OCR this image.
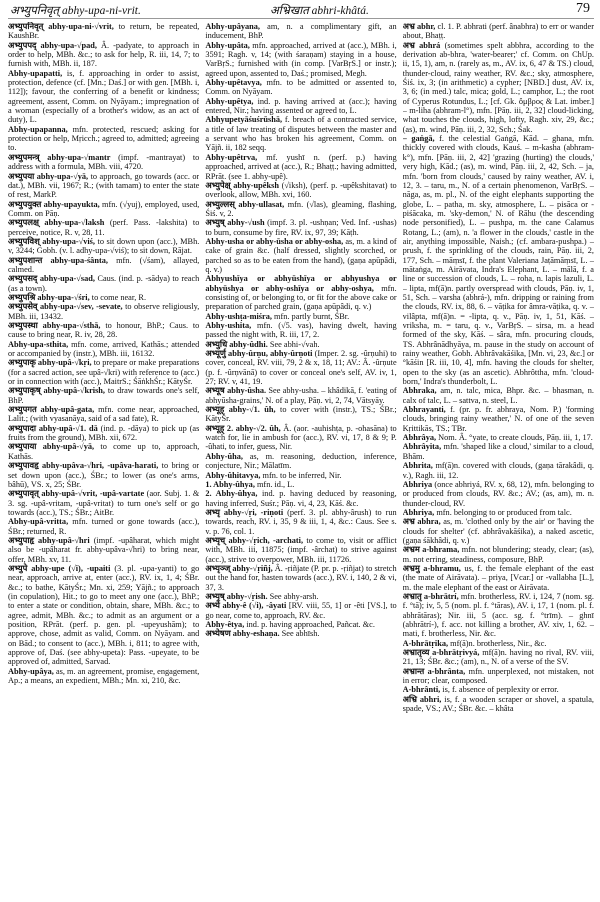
अभ्युपनिवृत् abhy-upa-ni-vrit.	अभ्रिखात abhri-khâtá.	79
अभ्युपनिवृत् abhy-upa-ni-√vrit, to return, be repeated, KaushBr.
अभ्युपपद् abhy-upa-√pad, Â. -padyate, to approach in order to help, MBh. &c.; to ask for help, R. iii, 14, 7; to furnish with, MBh. ii, 187.
Abhy-upapatti, is, f. approaching in order to assist, protection, defence (cf. [Mn.; Daś.] or with gen. [MBh. i, 112]); favour, the conferring of a benefit or kindness; agreement, assent, Comm. on Nyāyam.; impregnation of a woman (especially of a brother's widow, as an act of duty), L.
Abhy-upapanna, mfn. protected, rescued; asking for protection or help, Mṛicch.; agreed to, admitted; agreeing to.
अभ्युपमन्त्र् abhy-upa-√mantr (impf. -mantrayat) to address with a formula, MBh. viii, 4720.
अभ्युपया abhy-upa-√yā, to approach, go towards (acc. or dat.), MBh. vii, 1967; R.; (with tamam) to enter the state of rest, MarkP.
अभ्युपयुक्त abhy-upayukta, mfn. (√yuj), employed, used, Comm. on Pāṇ.
अभ्युपलक्ष् abhy-upa-√laksh (perf. Pass. -lakshita) to perceive, notice, R. v, 28, 11.
अभ्युपविश् abhy-upa-√viś, to sit down upon (acc.), MBh. v, 3244; Gobh. (v. l. adhy-upa-√viś); to sit down, Rājat.
अभ्युपशान्त abhy-upa-śânta, mfn. (√śam), allayed, calmed.
अभ्युपसद् abhy-upa-√sad, Caus. (ind. p. -sādya) to reach (as a town).
अभ्युपश्रि abhy-upa-√śri, to come near, R.
अभ्युपसेव् abhy-upa-√sev, -sevate, to observe religiously, MBh. iii, 13432.
अभ्युपस्था abhy-upa-√sthā, to honour, BhP.; Caus. to cause to bring near, R. iv, 28, 28.
Abhy-upa-sthita, mfn. come, arrived, Kathās.; attended or accompanied by (instr.), MBh. iii, 16132.
अभ्युपाकृ abhy-upâ-√kṛi, to prepare or make preparations (for a sacred action, see upâ-√kri) with reference to (acc.) or in connection with (acc.), MaitrS.; ŚāṅkhŚr.; KātyŚr.
अभ्युपाकृष् abhy-upâ-√krish, to draw towards one's self, BhP.
अभ्युपगत abhy-upâ-gata, mfn. come near, approached, Lalit.; (with vyasanāya, said of a sad fate), R.
अभ्युपादा abhy-upâ-√1. dā (ind. p. -dāya) to pick up (as fruits from the ground), MBh. xii, 672.
अभ्युपाया abhy-upâ-√yā, to come up to, approach, Kathās.
अभ्युपावहृ abhy-upâva-√hri, -upâva-harati, to bring or set down upon (acc.), ŚBr.; to lower (as one's arms, bâhū), VS. x, 25; ŚBr.
अभ्युपावृत् abhy-upâ-√vrit, -upâ-vartate (aor. Subj. 1. & 3. sg. -upâ-vritam, -upâ-vritat) to turn one's self or go towards (acc.), TS.; ŚBr.; AitBr.
Abhy-upâ-vritta, mfn. turned or gone towards (acc.), ŚBr.; returned, R.
अभ्युपाहृ abhy-upâ-√hri (impf. -upâharat, which might also be -upâharat fr. abhy-upâva-√hri) to bring near, offer, MBh. xv, 11.
अभ्युपे abhy-upe (√i), -upaiti (3. pl. -upa-yanti) to go near, approach, arrive at, enter (acc.), RV. ix, 1, 4; ŚBr. &c.; to bathe, KātyŚr.; Mn. xi, 259; Yājñ.; to approach (in copulation), Hit.; to go to meet any one (acc.), BhP.; to enter a state or condition, obtain, share, MBh. &c.; to agree, admit, MBh. &c.; to admit as an argument or a position, RPrāt. (perf. p. gen. pl. -upeyushām); to approve, chose, admit as valid, Comm. on Nyāyam. and on Bād.; to consent to (acc.), MBh. i, 811; to agree with, approve of, Daś. (see abhy-upeta): Pass. -upeyate, to be approved of, admitted, Sarvad.
Abhy-upâya, as, m. an agreement, promise, engagement, Ap.; a means, an expedient, MBh.; Mn. xi, 210, &c.
Abhy-upâyana, am, n. a complimentary gift, an inducement, BhP.
Abhy-upâta, mfn. approached, arrived at (acc.), MBh. i, 3591; Ragh. v, 14; (with śaraṇam) staying in a house, VarBṛS.; furnished with (in comp. [VarBṛS.] or instr.); agreed upon, assented to, Daś.; promised, Megh.
Abhy-upêtavya, mfn. to be admitted or assented to, Comm. on Nyāyam.
Abhy-upêtya, ind. p. having arrived at (acc.); having entered, Nir.; having assented or agreed to, L.
Abhyupetyāśuśrūshā, f. breach of a contracted service, a title of law treating of disputes between the master and a servant who has broken his agreement, Comm. on Yājñ. ii, 182 seqq.
Abhy-upêtrva, mf. yushī n. (perf. p.) having approached, arrived at (acc.), R.; Bhaṭṭ.; having admitted, RPrāt. (see 1. abhy-upê).
अभ्युपेक्ष् abhy-upêksh (√iksh), (perf. p. -upêkshitavat) to overlook, allow, MBh. xvi, 160.
अभ्युल्लस् abhy-ullasat, mfn. (√las), gleaming, flashing, Śiś. v, 2.
अभ्युष् abhy-√ush (impf. 3. pl. -ushṇan; Ved. Inf. -ushas) to burn, consume by fire, RV. ix, 97, 39; Kāṭh.
Abhy-usha or abhy-ūsha or abhy-osha, as, m. a kind of cake of grain &c. (half dressed, slightly scorched, or parched so as to be eaten from the hand), (gaṇa apūpâdi, q. v.)
Abhyushīya or abhyūshīya or abhyushya or abhyūshya or abhy-oshīya or abhy-oshya, mfn. consisting of, or belonging to, or fit for the above cake or preparation of parched grain, (gaṇa apūpâdi, q. v.)
Abhy-ushṭa-miśra, mfn. partly burnt, ŚBr.
Abhy-ushita, mfn. (√5. vas), having dwelt, having passed the night with, R. iii, 17, 2.
अभ्युधि abhy-ûdhi. See abhi-√vah.
अभ्यूर्णु abhy-ûrṇu, abhy-ûrṇoti (Imper. 2. sg. -ûrṇuhi) to cover, conceal, RV. viii, 79, 2 & x, 18, 11; AV.: Â. -ûrṇute (p. f. -ûrṇvānā) to cover or conceal one's self, AV. iv, 1, 27; RV. v, 41, 19.
अभ्यूष abhy-ûsha. See abhy-usha. – khâdikā, f. 'eating of abhyūsha-grains,' N. of a play, Pāṇ. vi, 2, 74, Vātsyāy.
अभ्यूह् abhy-√1. ûh, to cover with (instr.), TS.; ŚBr.; KātyŚr.
अभ्यूह् 2. abhy-√2. ûh, Â. (aor. -auhishṭa, p. -ohasāna) to watch for, lie in ambush for (acc.), RV. vi, 17, 8 & 9; P. -ûhati, to infer, guess, Nir.
Abhy-ûha, as, m. reasoning, deduction, inference, conjecture, Nir.; Mālatīm.
Abhy-ûhitavya, mfn. to be inferred, Nir.
1. Abhy-ûhya, mfn. id., L.
2. Abhy-ûhya, ind. p. having deduced by reasoning, having inferred, Suśr.; Pāṇ. vi, 4, 23, Kāś. &c.
अभ्यृ abhy-√ṛi, -riṇoti (perf. 3. pl. abhy-ârush) to run towards, reach, RV. i, 35, 9 & iii, 1, 4, &c.: Caus. See s. v. p. 76, col. 1.
अभ्यृच् abhy-√ṛich, -archati, to come to, visit or afflict with, MBh. iii, 11875; (impf. -ârchat) to strive against (acc.), strive to overpower, MBh. iii, 11726.
अभ्यृञ्ज् abhy-√ṛiñj, Â. -ṛiñjate (P. pr. p. -ṛiñjat) to stretch out the hand for, hasten towards (acc.), RV. i, 140, 2 & vi, 37, 3.
अभ्यृष् abhy-√ṛish. See abhy-arsh.
अभ्ये abhy-ê (√i), -âyati [RV. viii, 55, 1] or -êti [VS.], to go near, come to, approach, RV. &c.
Abhy-êtya, ind. p. having approached, Pañcat. &c.
अभ्येषण abhy-eshaṇa. See abhīsh.
अभ्र abhr, cl. 1. P. abhrati (perf. ânabhra) to err or wander about, Bhaṭṭ.
अभ्र abhrá (sometimes spelt abbhra, according to the derivation ab-bhra, 'water-bearer;' cf. Comm. on ChUp. ii, 15, 1), am, n. (rarely as, m., AV. ix, 6, 47 & TS.) cloud, thunder-cloud, rainy weather, RV. &c.; sky, atmosphere, Śiś. ix, 3; (in arithmetic) a cypher; [NBD.] dust, AV. ix, 3, 6; (in med.) talc, mica; gold, L.; camphor, L.; the root of Cyperus Rotundus, L.; [cf. Gk. ὄμβρος & Lat. imber.] – m-liha (abhram-l°), mfn. [Pāṇ. iii, 2, 32] cloud-licking, what touches the clouds, high, lofty, Ragh. xiv, 29, &c.; (as), m. wind, Pāṇ. iii, 2, 32, Sch.; Śak.
– gaṅgā, f. the celestial Gaṅgā, Kād. – ghana, mfn. thickly covered with clouds, Kauś. – m-kasha (abhram-k°), mfn. [Pāṇ. iii, 2, 42] 'grazing (hurting) the clouds,' very high, Kād.; (as), m. wind, Pāṇ. iii, 2, 42, Sch. – ja, mfn. 'born from clouds,' caused by rainy weather, AV. i, 12, 3. – taru, m., N. of a certain phenomenon, VarBṛS. – nāga, as, m. pl., N. of the eight elephants supporting the globe, L. – patha, m. sky, atmosphere, L. – pisāca or -piśācaka, m. 'sky-demon,' N. of Rāhu (the descending node personified), L. – pushpa, m. the cane Calamus Rotang, L.; (am), n. 'a flower in the clouds,' castle in the air, anything impossible, Naish.; (cf. ambara-pushpa.) – prush, f. the sprinkling of the clouds, rain, Pāṇ. iii, 2, 177, Sch. – māṃsī, f. the plant Valeriana Jaṭāmāṃsī, L. – mātaṅga, m. Airāvata, Indra's Elephant, L. – mālā, f. a line or succession of clouds, L. – roha, n. lapis lazuli, L. – lipta, mf(ā)n. partly overspread with clouds, Pāṇ. iv, 1, 51, Sch. – varsha (abhrá-), mfn. dripping or raining from the clouds, RV. ix, 88, 6. – vāṭika for âmra-vāṭika, q. v. – vilâpta, mf(ā)n. = -lipta, q. v., Pāṇ. iv, 1, 51, Kāś. – vriksha, m. = taru, q. v., VarBṛS. – sirsa, m. a head formed of the sky, Kāś. – sâra, mfn. procuring clouds, TS. Abhrânādhyāya, m. pause in the study on account of rainy weather, Gobh. Abhrâvakāśika, [Mn. vi, 23, &c.] or °kāśin [R. iii, 10, 4], mfn. having the clouds for shelter, open to the sky (as an ascetic). Abhrôttha, mfn. 'cloud-born,' Indra's thunderbolt, L.
Abhraka, am, n. talc, mica, Bhpr. &c. – bhasman, n. calx of talc, L. – sattva, n. steel, L.
Abhrayanti, f. (pr. p. fr. abhraya, Nom. P.) 'forming clouds, bringing rainy weather,' N. of one of the seven Kṛittikās, TS.; TBr.
Abhrâya, Nom. Â. °yate, to create clouds, Pāṇ. iii, 1, 17.
Abhrâyita, mfn. 'shaped like a cloud,' similar to a cloud, Bhām.
Abhrita, mf(ā)n. covered with clouds, (gaṇa tārakâdi, q. v.), Ragh. iii, 12.
Abhriya (once abhriyá, RV. x, 68, 12), mfn. belonging to or produced from clouds, RV. &c.; AV.; (as, am), m. n. thunder-cloud, RV.
Abhriya, mfn. belonging to or produced from talc.
अभ्र abhra, as, m. 'clothed only by the air' or 'having the clouds for shelter' (cf. abhrâvakāśika), a naked ascetic, (gaṇa śākhâdi, q. v.)
अभ्रम a-bhrama, mfn. not blundering; steady, clear; (as), m. not erring, steadiness, composure, BhP.
अभ्रमु a-bhramu, us, f. the female elephant of the east (the mate of Airāvata). – priya, [Vcar.] or -vallabha [L.], m. the male elephant of the east or Airāvata.
अभ्रातृ a-bhrātrí, mfn. brotherless, RV. i, 124, 7 (nom. sg. f. °tā); iv, 5, 5 (nom. pl. f. °tāras), AV. i, 17, 1 (nom. pl. f. abhrātāras); Nir. iii, 5 (acc. sg. f. °trīm). – ghnī (abhrātrí-), f. acc. not killing a brother, AV. xiv, 1, 62. – mati, f. brotherless, Nir. &c.
A-bhrātṛika, mf(ā)n. brotherless, Nir., &c.
अभ्रातृव्य a-bhrātṛivyá, mf(ā)n. having no rival, RV. viii, 21, 13; ŚBr. &c.; (am), n., N. of a verse of the SV.
अभ्रान्त a-bhrânta, mfn. unperplexed, not mistaken, not in error; clear, composed.
A-bhrânti, is, f. absence of perplexity or error.
अभ्रि abhri, is, f. a wooden scraper or shovel, a spatula, spade, VS.; AV.; ŚBr. &c. – khâta
